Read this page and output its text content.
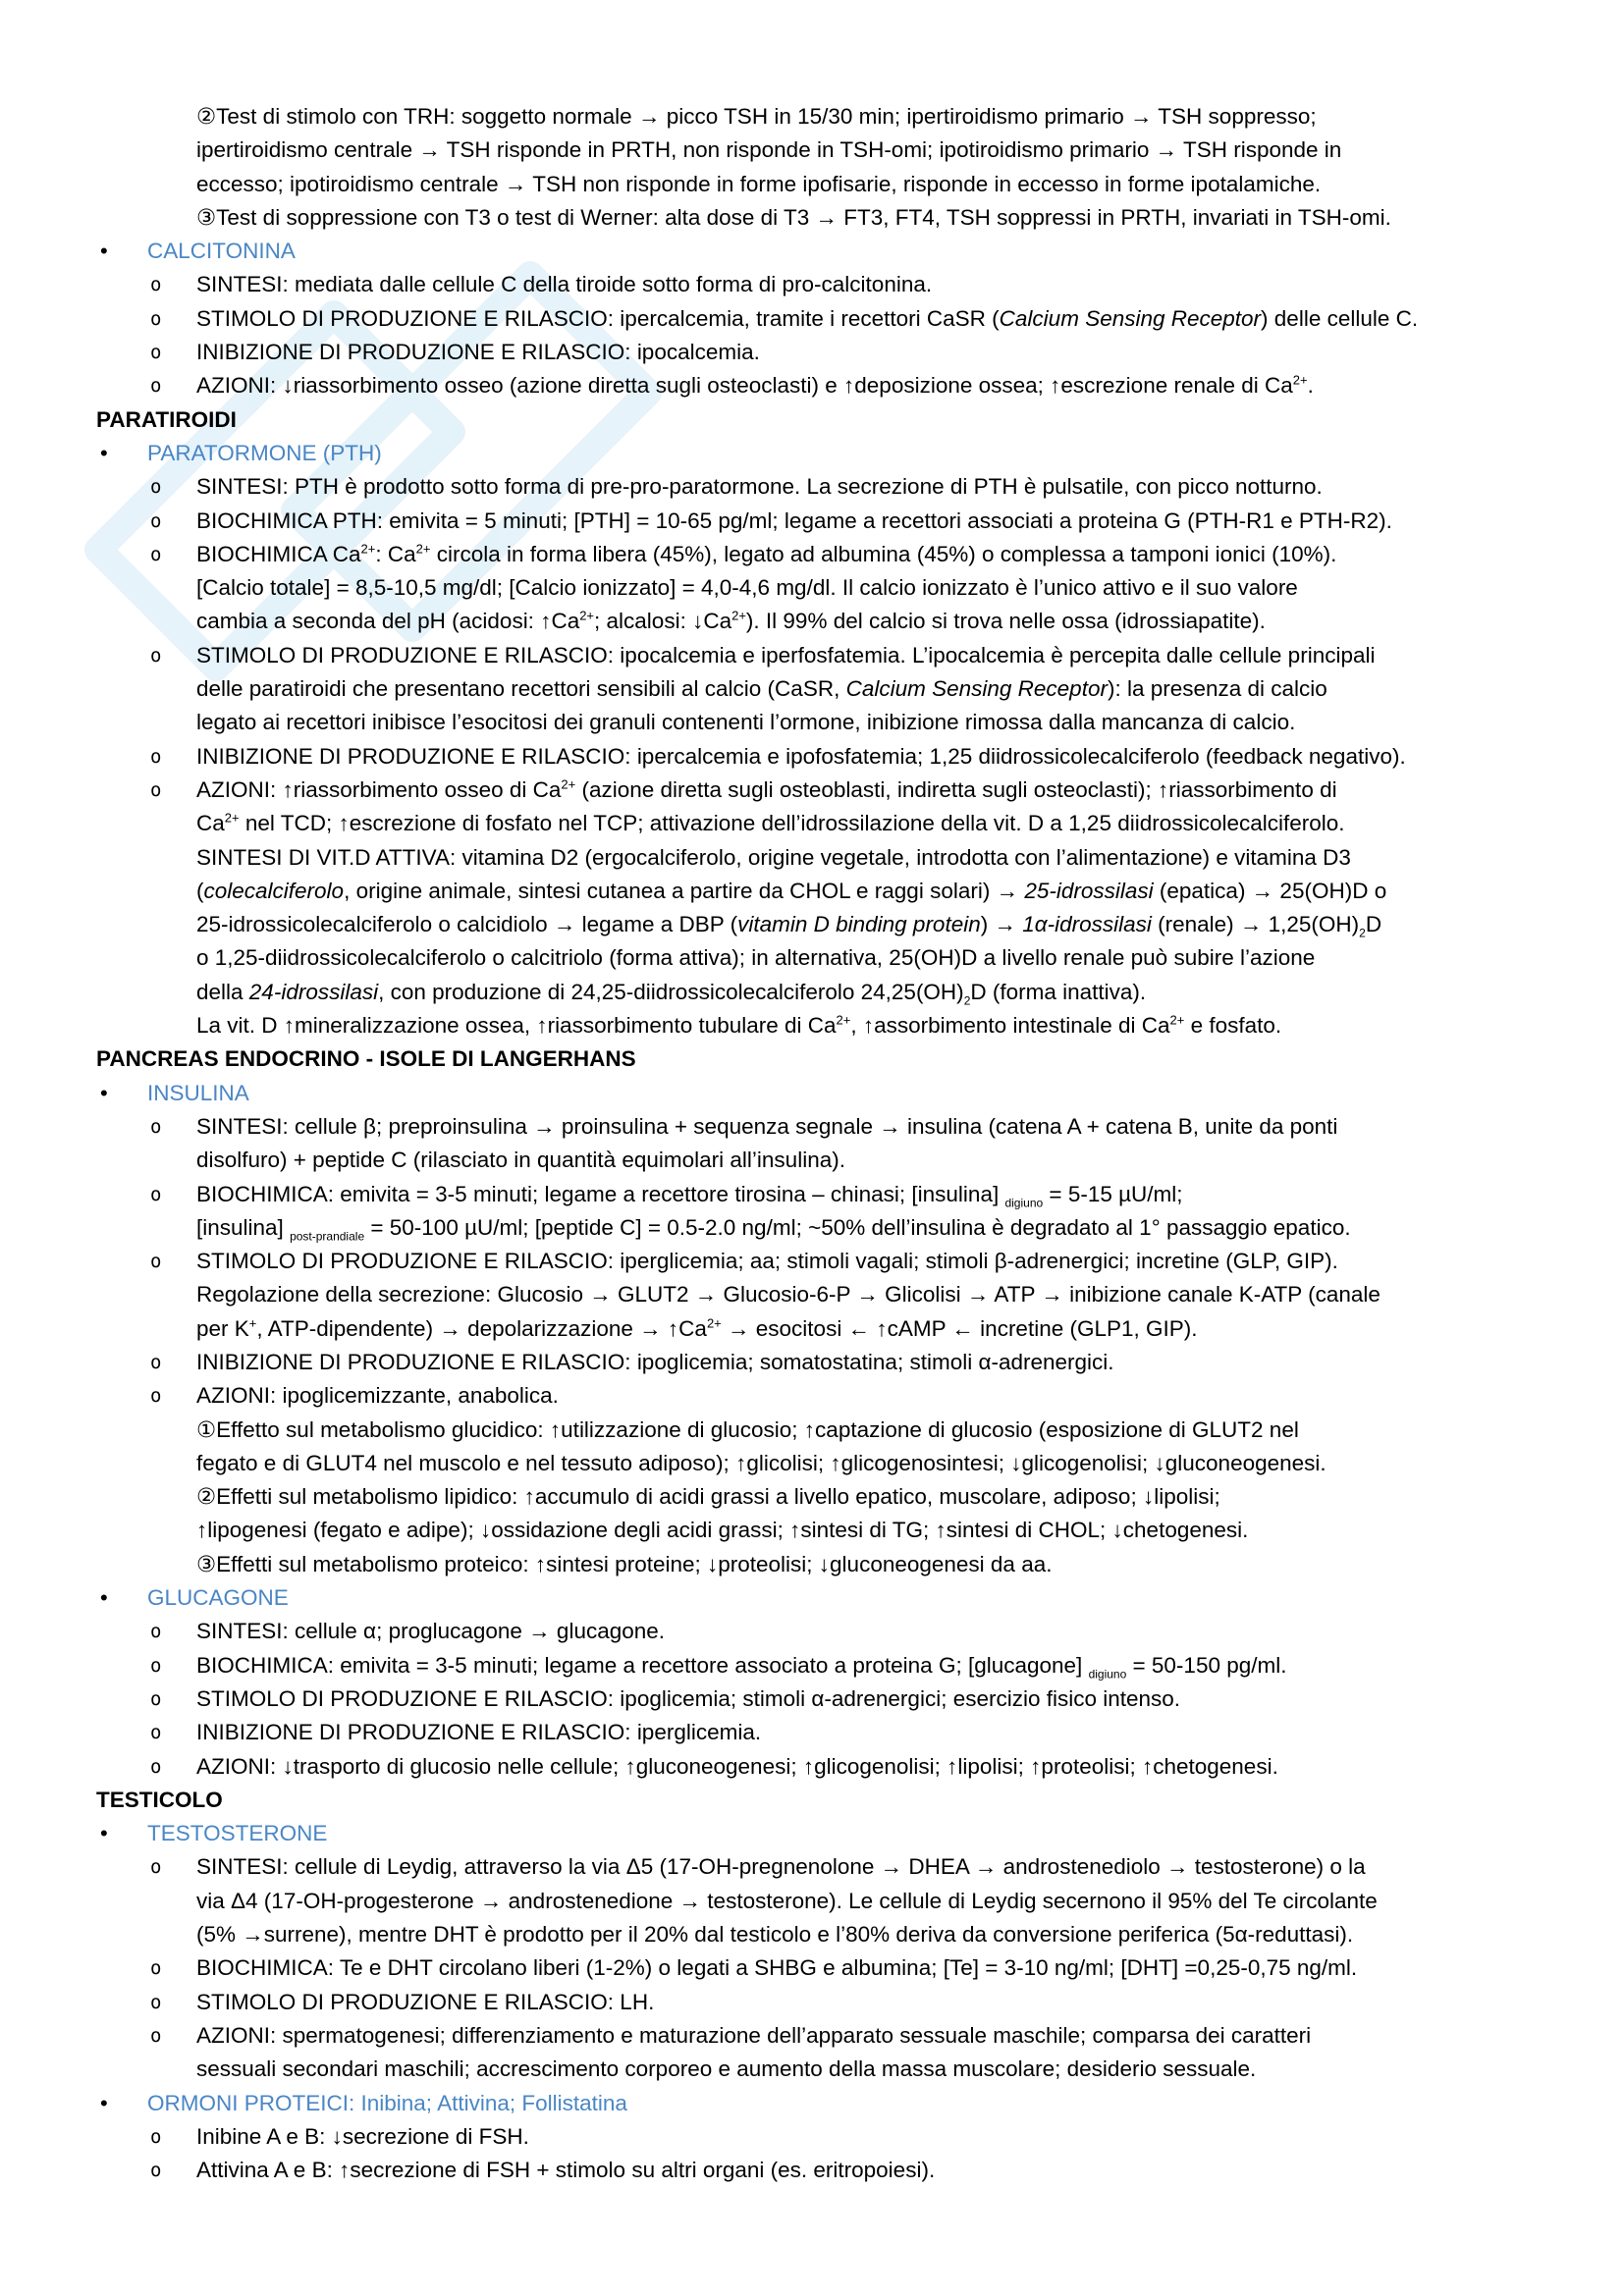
②Test di stimolo con TRH: soggetto normale → picco TSH in 15/30 min; ipertiroidismo primario → TSH soppresso;
ipertiroidismo centrale → TSH risponde in PRTH, non risponde in TSH-omi; ipotiroidismo primario → TSH risponde in
eccesso; ipotiroidismo centrale → TSH non risponde in forme ipofisarie, risponde in eccesso in forme ipotalamiche.
③Test di soppressione con T3 o test di Werner: alta dose di T3 → FT3, FT4, TSH soppressi in PRTH, invariati in TSH-omi.
• CALCITONINA
o SINTESI: mediata dalle cellule C della tiroide sotto forma di pro-calcitonina.
o STIMOLO DI PRODUZIONE E RILASCIO: ipercalcemia, tramite i recettori CaSR (Calcium Sensing Receptor) delle cellule C.
o INIBIZIONE DI PRODUZIONE E RILASCIO: ipocalcemia.
o AZIONI: ↓riassorbimento osseo (azione diretta sugli osteoclasti) e ↑deposizione ossea; ↑escrezione renale di $Ca^{2+}$.
PARATIROIDI
• PARATORMONE (PTH)
o SINTESI: PTH è prodotto sotto forma di pre-pro-paratormone. La secrezione di PTH è pulsatile, con picco notturno.
o BIOCHIMICA PTH: emivita = 5 minuti; [PTH] = 10-65 pg/ml; legame a recettori associati a proteina G (PTH-R1 e PTH-R2).
o BIOCHIMICA $Ca^{2+}$: $Ca^{2+}$ circola in forma libera (45%), legato ad albumina (45%) o complessa a tamponi ionici (10%).
[Calcio totale] = 8,5-10,5 mg/dl; [Calcio ionizzato] = 4,0-4,6 mg/dl. Il calcio ionizzato è l’unico attivo e il suo valore
cambia a seconda del pH (acidosi: $↑Ca^{2+}$; alcalosi: $↓Ca^{2+}$). Il 99% del calcio si trova nelle ossa (idrossiapatite).
o STIMOLO DI PRODUZIONE E RILASCIO: ipocalcemia e iperfosfatemia. L’ipocalcemia è percepita dalle cellule principali
delle paratiroidi che presentano recettori sensibili al calcio (CaSR, Calcium Sensing Receptor): la presenza di calcio
legato ai recettori inibisce l’esocitosi dei granuli contenenti l’ormone, inibizione rimossa dalla mancanza di calcio.
o INIBIZIONE DI PRODUZIONE E RILASCIO: ipercalcemia e ipofosfatemia; 1,25 diidrossicolecalciferolo (feedback negativo).
o AZIONI: ↑riassorbimento osseo di $Ca^{2+}$ (azione diretta sugli osteoblasti, indiretta sugli osteoclasti); ↑riassorbimento di
$Ca^{2+}$ nel TCD; ↑escrezione di fosfato nel TCP; attivazione dell’idrossilazione della vit. D a 1,25 diidrossicolecalciferolo.
SINTESI DI VIT.D ATTIVA: vitamina D2 (ergocalciferolo, origine vegetale, introdotta con l’alimentazione) e vitamina D3
(colecalciferolo, origine animale, sintesi cutanea a partire da CHOL e raggi solari) → 25-idrossilasi (epatica) → 25(OH)D o
25-idrossicolecalciferolo o calcidiolo → legame a DBP (vitamin D binding protein) → 1α-idrossilasi (renale) → $1,25(OH)_2D$
o 1,25-diidrossicolecalciferolo o calcitriolo (forma attiva); in alternativa, 25(OH)D a livello renale può subire l’azione
della 24-idrossilasi, con produzione di 24,25-diidrossicolecalciferolo $24,25(OH)_2D$ (forma inattiva).
La vit. D ↑mineralizzazione ossea, ↑riassorbimento tubulare di $Ca^{2+}$, ↑assorbimento intestinale di $Ca^{2+}$ e fosfato.
PANCREAS ENDOCRINO - ISOLE DI LANGERHANS
• INSULINA
o SINTESI: cellule β; preproinsulina → proinsulina + sequenza segnale → insulina (catena A + catena B, unite da ponti
disolfuro) + peptide C (rilasciato in quantità equimolari all’insulina).
o BIOCHIMICA: emivita = 3-5 minuti; legame a recettore tirosina – chinasi; [insulina] $_{digiuno}$ = 5-15 µU/ml;
[insulina] $_{post-prandiale}$ = 50-100 µU/ml; [peptide C] = 0.5-2.0 ng/ml; ~50% dell’insulina è degradato al 1° passaggio epatico.
o STIMOLO DI PRODUZIONE E RILASCIO: iperglicemia; aa; stimoli vagali; stimoli β-adrenergici; incretine (GLP, GIP).
Regolazione della secrezione: Glucosio → GLUT2 → Glucosio-6-P → Glicolisi → ATP → inibizione canale K-ATP (canale
per K+, ATP-dipendente) → depolarizzazione → $↑Ca^{2+}$ → esocitosi ← ↑cAMP ← incretine (GLP1, GIP).
o INIBIZIONE DI PRODUZIONE E RILASCIO: ipoglicemia; somatostatina; stimoli α-adrenergici.
o AZIONI: ipoglicemizzante, anabolica.
①Effetto sul metabolismo glucidico: ↑utilizzazione di glucosio; ↑captazione di glucosio (esposizione di GLUT2 nel
fegato e di GLUT4 nel muscolo e nel tessuto adiposo); ↑glicolisi; ↑glicogenosintesi; ↓glicogenolisi; ↓gluconeogenesi.
②Effetti sul metabolismo lipidico: ↑accumulo di acidi grassi a livello epatico, muscolare, adiposo; ↓lipolisi;
↑lipogenesi (fegato e adipe); ↓ossidazione degli acidi grassi; ↑sintesi di TG; ↑sintesi di CHOL; ↓chetogenesi.
③Effetti sul metabolismo proteico: ↑sintesi proteine; ↓proteolisi; ↓gluconeogenesi da aa.
• GLUCAGONE
o SINTESI: cellule α; proglucagone → glucagone.
o BIOCHIMICA: emivita = 3-5 minuti; legame a recettore associato a proteina G; [glucagone] $_{digiuno}$ = 50-150 pg/ml.
o STIMOLO DI PRODUZIONE E RILASCIO: ipoglicemia; stimoli α-adrenergici; esercizio fisico intenso.
o INIBIZIONE DI PRODUZIONE E RILASCIO: iperglicemia.
o AZIONI: ↓trasporto di glucosio nelle cellule; ↑gluconeogenesi; ↑glicogenolisi; ↑lipolisi; ↑proteolisi; ↑chetogenesi.
TESTICOLO
• TESTOSTERONE
o SINTESI: cellule di Leydig, attraverso la via Δ5 (17-OH-pregnenolone → DHEA → androstenediolo → testosterone) o la
via Δ4 (17-OH-progesterone → androstenedione → testosterone). Le cellule di Leydig secernono il 95% del Te circolante
(5% →surrene), mentre DHT è prodotto per il 20% dal testicolo e l’80% deriva da conversione periferica (5α-reduttasi).
o BIOCHIMICA: Te e DHT circolano liberi (1-2%) o legati a SHBG e albumina; [Te] = 3-10 ng/ml; [DHT] =0,25-0,75 ng/ml.
o STIMOLO DI PRODUZIONE E RILASCIO: LH.
o AZIONI: spermatogenesi; differenziamento e maturazione dell’apparato sessuale maschile; comparsa dei caratteri
sessuali secondari maschili; accrescimento corporeo e aumento della massa muscolare; desiderio sessuale.
• ORMONI PROTEICI: Inibina; Attivina; Follistatina
o Inibine A e B: ↓secrezione di FSH.
o Attivina A e B: ↑secrezione di FSH + stimolo su altri organi (es. eritropoiesi).
